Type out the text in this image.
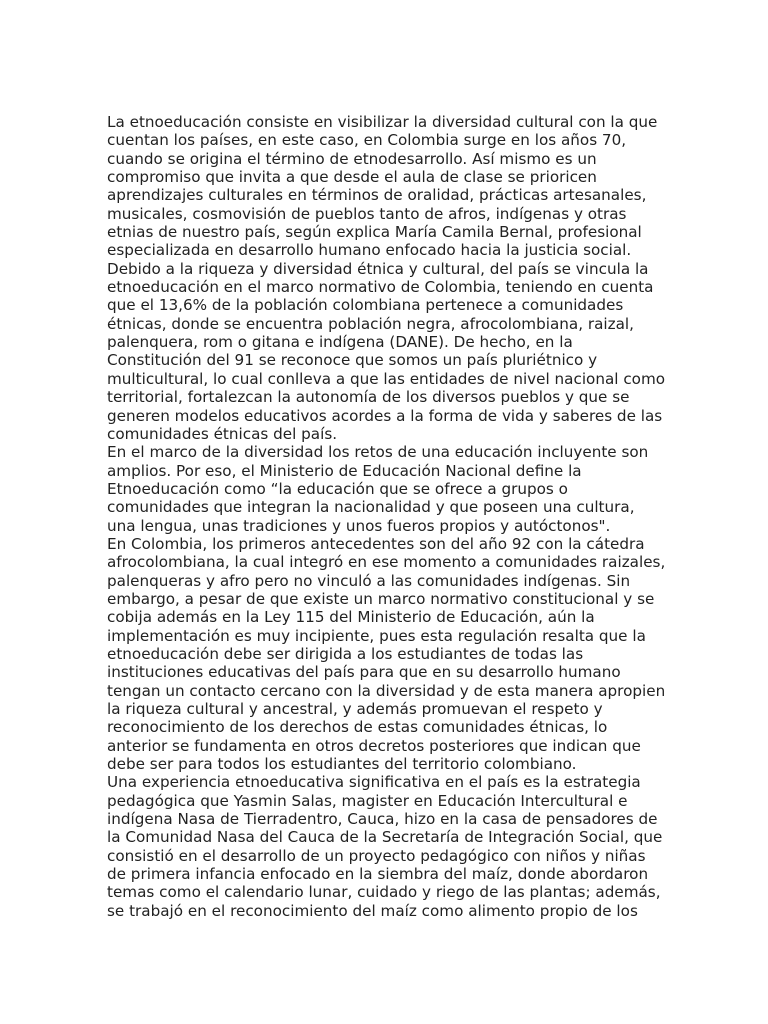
La etnoeducación consiste en visibilizar la diversidad cultural con la que
cuentan los países, en este caso, en Colombia surge en los años 70,
cuando se origina el término de etnodesarrollo. Así mismo es un
compromiso que invita a que desde el aula de clase se prioricen
aprendizajes culturales en términos de oralidad, prácticas artesanales,
musicales, cosmovisión de pueblos tanto de afros, indígenas y otras
etnias de nuestro país, según explica María Camila Bernal, profesional
especializada en desarrollo humano enfocado hacia la justicia social.

Debido a la riqueza y diversidad étnica y cultural, del país se vincula la
etnoeducación en el marco normativo de Colombia, teniendo en cuenta
que el 13,6% de la población colombiana pertenece a comunidades
étnicas, donde se encuentra población negra, afrocolombiana, raizal,
palenquera, rom o gitana e indígena (DANE). De hecho, en la
Constitución del 91 se reconoce que somos un país pluriétnico y
multicultural, lo cual conlleva a que las entidades de nivel nacional como
territorial, fortalezcan la autonomía de los diversos pueblos y que se
generen modelos educativos acordes a la forma de vida y saberes de las
comunidades étnicas del país.

En el marco de la diversidad los retos de una educación incluyente son
amplios. Por eso, el Ministerio de Educación Nacional define la
Etnoeducación como “la educación que se ofrece a grupos o
comunidades que integran la nacionalidad y que poseen una cultura,
una lengua, unas tradiciones y unos fueros propios y autóctonos".

En Colombia, los primeros antecedentes son del año 92 con la cátedra
afrocolombiana, la cual integró en ese momento a comunidades raizales,
palenqueras y afro pero no vinculó a las comunidades indígenas. Sin
embargo, a pesar de que existe un marco normativo constitucional y se
cobija además en la Ley 115 del Ministerio de Educación, aún la
implementación es muy incipiente, pues esta regulación resalta que la
etnoeducación debe ser dirigida a los estudiantes de todas las
instituciones educativas del país para que en su desarrollo humano
tengan un contacto cercano con la diversidad y de esta manera apropien
la riqueza cultural y ancestral, y además promuevan el respeto y
reconocimiento de los derechos de estas comunidades étnicas, lo
anterior se fundamenta en otros decretos posteriores que indican que
debe ser para todos los estudiantes del territorio colombiano.

Una experiencia etnoeducativa significativa en el país es la estrategia
pedagógica que Yasmin Salas, magister en Educación Intercultural e
indígena Nasa de Tierradentro, Cauca, hizo en la casa de pensadores de
la Comunidad Nasa del Cauca de la Secretaría de Integración Social, que
consistió en el desarrollo de un proyecto pedagógico con niños y niñas
de primera infancia enfocado en la siembra del maíz, donde abordaron
temas como el calendario lunar, cuidado y riego de las plantas; además,
se trabajó en el reconocimiento del maíz como alimento propio de los
